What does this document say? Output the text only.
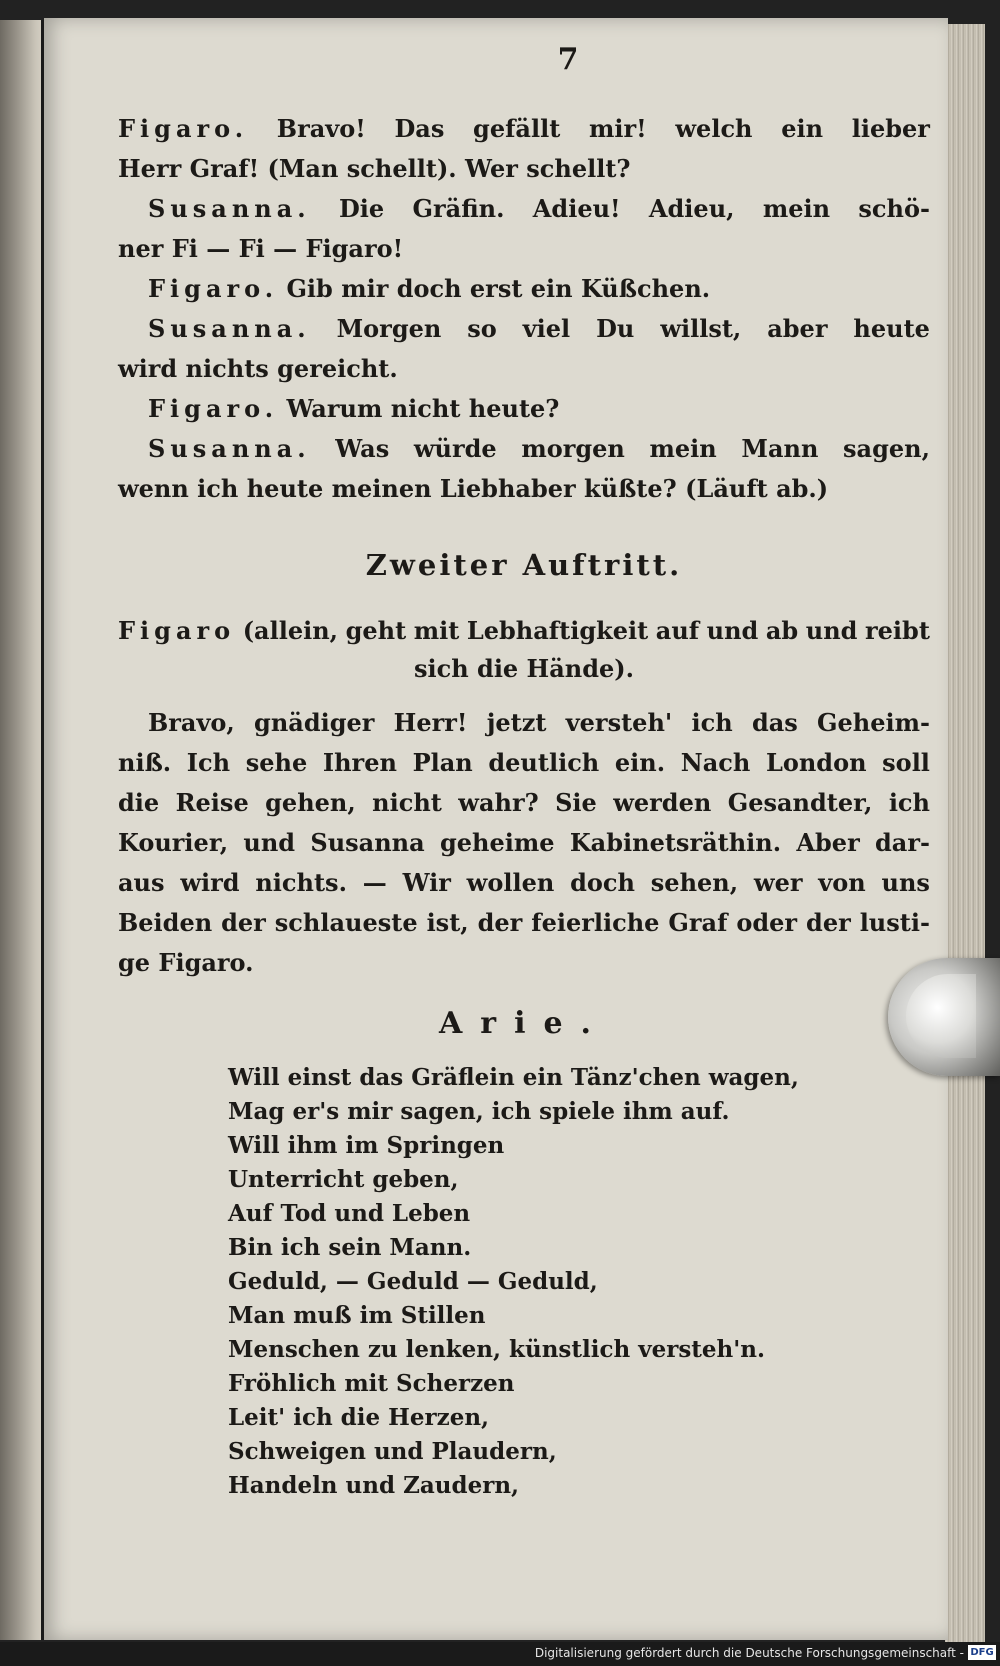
7
Figaro. Bravo! Das gefällt mir! welch ein lieber
Herr Graf! (Man schellt). Wer schellt?
Susanna. Die Gräfin. Adieu! Adieu, mein schö-
ner Fi — Fi — Figaro!
Figaro. Gib mir doch erst ein Küßchen.
Susanna. Morgen so viel Du willst, aber heute
wird nichts gereicht.
Figaro. Warum nicht heute?
Susanna. Was würde morgen mein Mann sagen,
wenn ich heute meinen Liebhaber küßte? (Läuft ab.)
Zweiter Auftritt.
Figaro (allein, geht mit Lebhaftigkeit auf und ab und reibt
sich die Hände).
Bravo, gnädiger Herr! jetzt versteh' ich das Geheim-
niß. Ich sehe Ihren Plan deutlich ein. Nach London soll
die Reise gehen, nicht wahr? Sie werden Gesandter, ich
Kourier, und Susanna geheime Kabinetsräthin. Aber dar-
aus wird nichts. — Wir wollen doch sehen, wer von uns
Beiden der schlaueste ist, der feierliche Graf oder der lusti-
ge Figaro.
Arie.
Will einst das Gräflein ein Tänz'chen wagen,
Mag er's mir sagen, ich spiele ihm auf.
Will ihm im Springen
Unterricht geben,
Auf Tod und Leben
Bin ich sein Mann.
Geduld, — Geduld — Geduld,
Man muß im Stillen
Menschen zu lenken, künstlich versteh'n.
Fröhlich mit Scherzen
Leit' ich die Herzen,
Schweigen und Plaudern,
Handeln und Zaudern,
Digitalisierung gefördert durch die Deutsche Forschungsgemeinschaft - DFG
